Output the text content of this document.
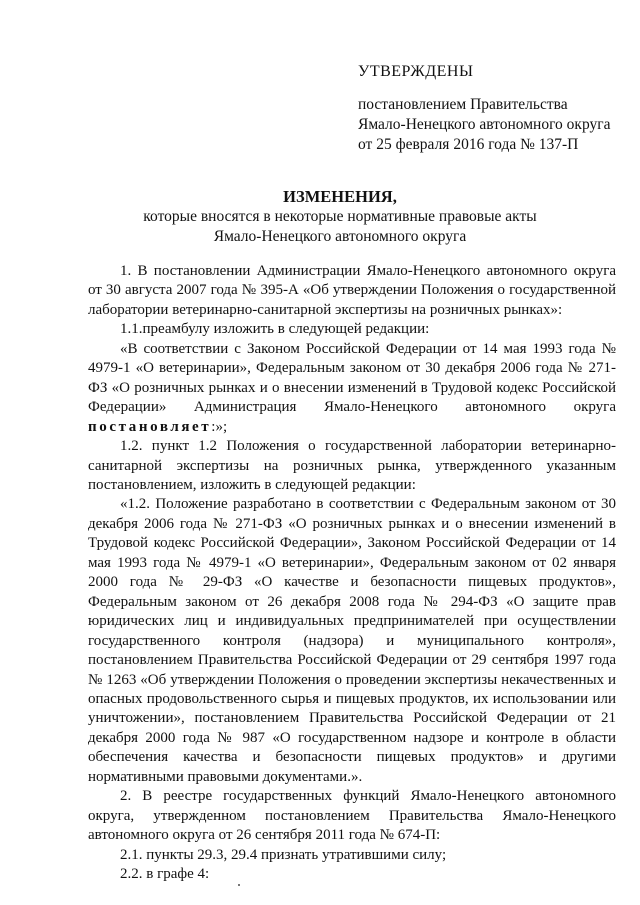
УТВЕРЖДЕНЫ
постановлением Правительства
Ямало-Ненецкого автономного округа
от 25 февраля 2016 года № 137-П
ИЗМЕНЕНИЯ,
которые вносятся в некоторые нормативные правовые акты
Ямало-Ненецкого автономного округа

1. В постановлении Администрации Ямало-Ненецкого автономного округа от 30 августа 2007 года № 395-А «Об утверждении Положения о государственной лаборатории ветеринарно-санитарной экспертизы на розничных рынках»:

1.1.преамбулу изложить в следующей редакции:

«В соответствии с Законом Российской Федерации от 14 мая 1993 года № 4979-1 «О ветеринарии», Федеральным законом от 30 декабря 2006 года № 271-ФЗ «О розничных рынках и о внесении изменений в Трудовой кодекс Российской Федерации» Администрация Ямало-Ненецкого автономного округа постановляет:»;

1.2. пункт 1.2 Положения о государственной лаборатории ветеринарно-санитарной экспертизы на розничных рынка, утвержденного указанным постановлением, изложить в следующей редакции:

«1.2. Положение разработано в соответствии с Федеральным законом от 30 декабря 2006 года № 271-ФЗ «О розничных рынках и о внесении изменений в Трудовой кодекс Российской Федерации», Законом Российской Федерации от 14 мая 1993 года № 4979-1 «О ветеринарии», Федеральным законом от 02 января 2000 года № 29-ФЗ «О качестве и безопасности пищевых продуктов», Федеральным законом от 26 декабря 2008 года № 294-ФЗ «О защите прав юридических лиц и индивидуальных предпринимателей при осуществлении государственного контроля (надзора) и муниципального контроля», постановлением Правительства Российской Федерации от 29 сентября 1997 года № 1263 «Об утверждении Положения о проведении экспертизы некачественных и опасных продовольственного сырья и пищевых продуктов, их использовании или уничтожении», постановлением Правительства Российской Федерации от 21 декабря 2000 года № 987 «О государственном надзоре и контроле в области обеспечения качества и безопасности пищевых продуктов» и другими нормативными правовыми документами.».

2. В реестре государственных функций Ямало-Ненецкого автономного округа, утвержденном постановлением Правительства Ямало-Ненецкого автономного округа от 26 сентября 2011 года № 674-П:

2.1. пункты 29.3, 29.4 признать утратившими силу;

2.2. в графе 4:
